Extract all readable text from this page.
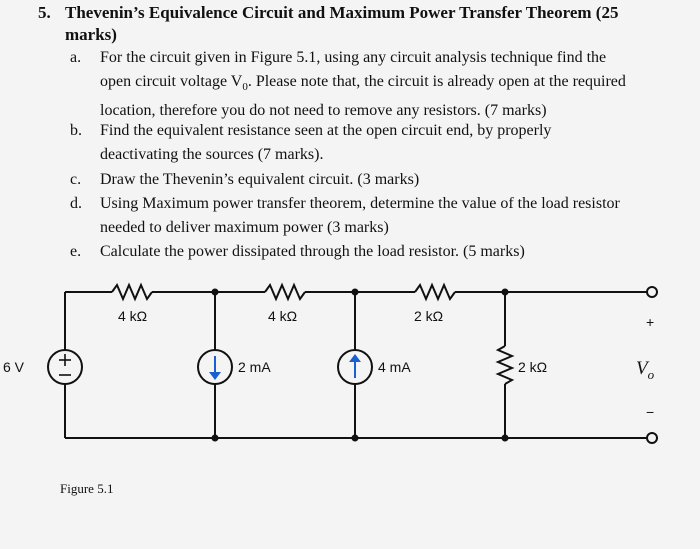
5. Thevenin’s Equivalence Circuit and Maximum Power Transfer Theorem (25
marks)
a. For the circuit given in Figure 5.1, using any circuit analysis technique find the
open circuit voltage $V_0$. Please note that, the circuit is already open at the required
location, therefore you do not need to remove any resistors. (7 marks)

b. Find the equivalent resistance seen at the open circuit end, by properly
deactivating the sources (7 marks).

c. Draw the Thevenin’s equivalent circuit. (3 marks)

d. Using Maximum power transfer theorem, determine the value of the load resistor
needed to deliver maximum power (3 marks)

e. Calculate the power dissipated through the load resistor. (5 marks)

4 kΩ	4 kΩ	2 kΩ
6 V	2 mA	4 mA	2 kΩ
+
−
$V_o$
Figure 5.1
